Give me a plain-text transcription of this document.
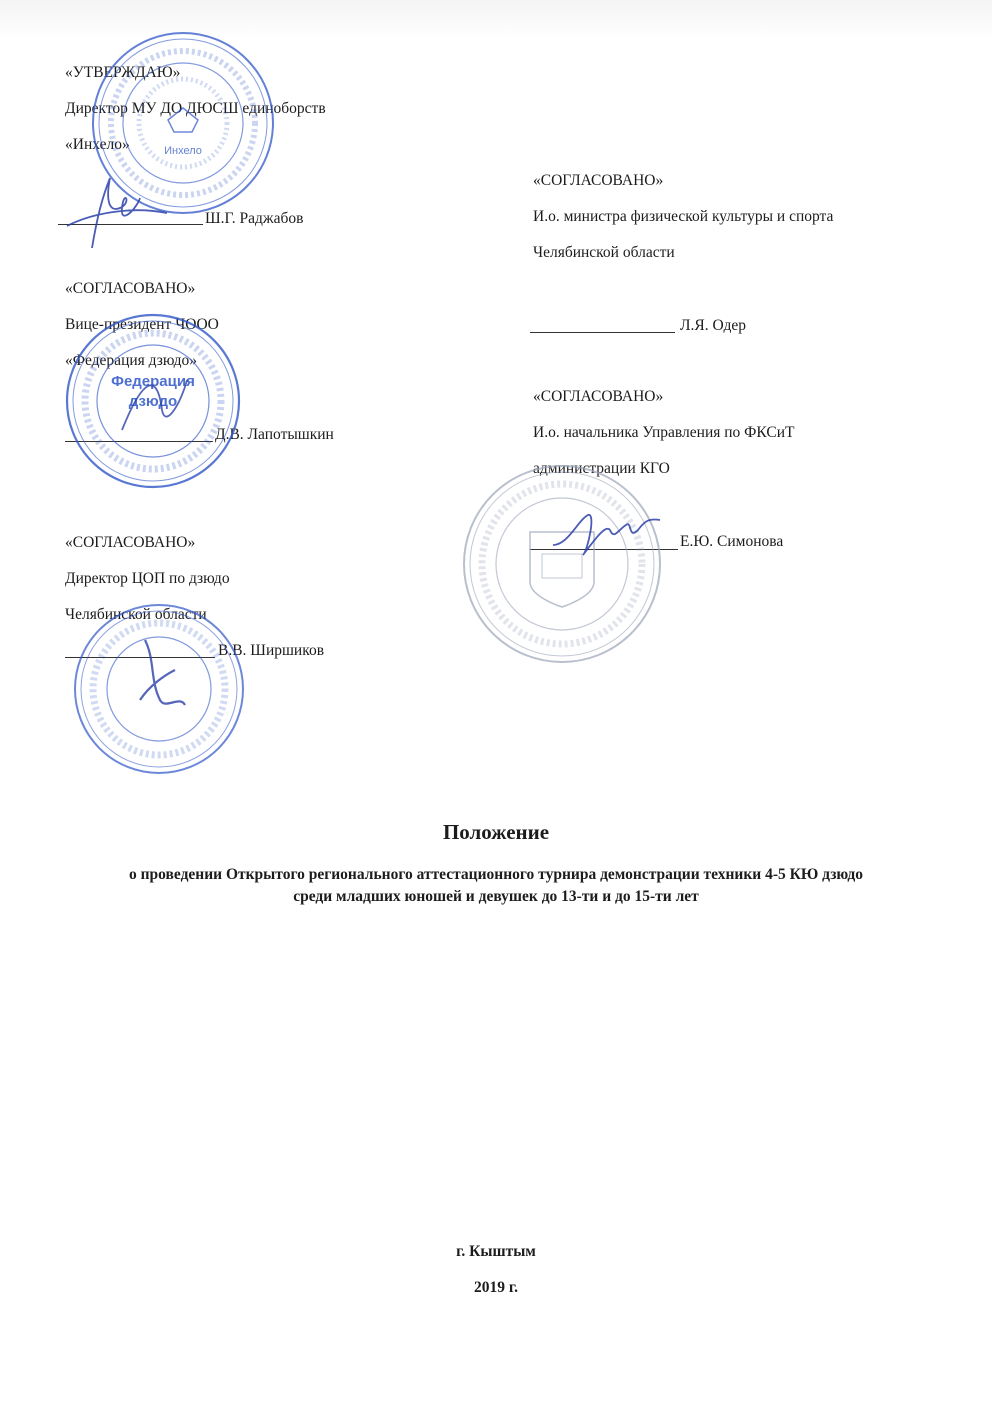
«УТВЕРЖДАЮ»
Директор МУ ДО ДЮСШ единоборств
«Инхело»
Ш.Г. Раджабов
«СОГЛАСОВАНО»
И.о. министра физической культуры и спорта
Челябинской области
Л.Я. Одер
«СОГЛАСОВАНО»
Вице-президент ЧООО
«Федерация дзюдо»
Д.В. Лапотышкин
«СОГЛАСОВАНО»
И.о. начальника Управления по ФКСиТ
администрации КГО
Е.Ю. Симонова
«СОГЛАСОВАНО»
Директор ЦОП по дзюдо
Челябинской области
В.В. Ширшиков
Инхело
Федерация
дзюдо
Положение
о проведении Открытого регионального аттестационного турнира демонстрации техники 4-5 КЮ дзюдо
среди младших юношей и девушек до 13-ти и до 15-ти лет
г. Кыштым
2019 г.
